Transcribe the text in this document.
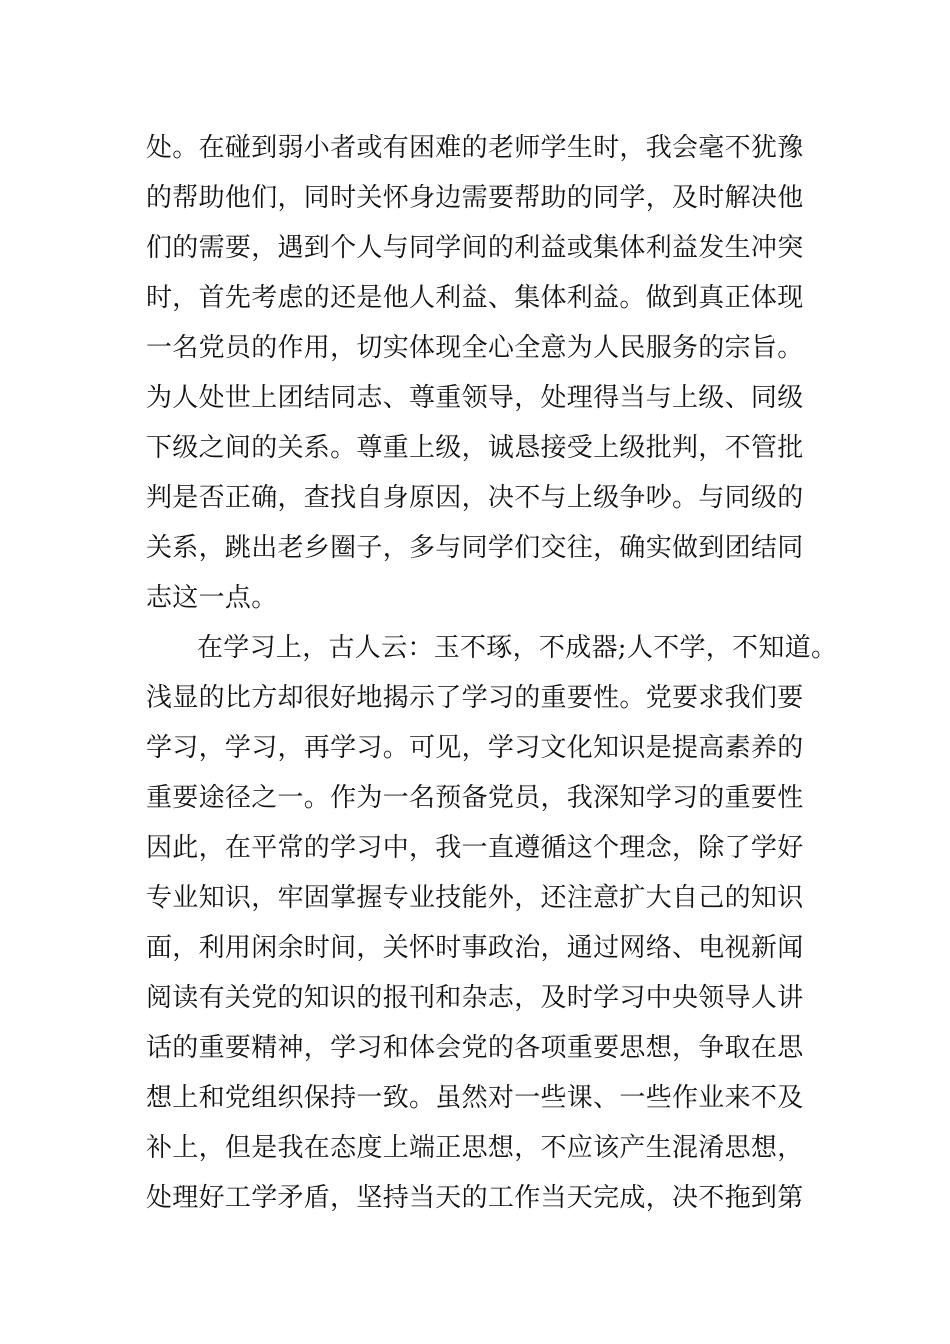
处。在碰到弱小者或有困难的老师学生时，我会毫不犹豫
的帮助他们，同时关怀身边需要帮助的同学，及时解决他
们的需要，遇到个人与同学间的利益或集体利益发生冲突
时，首先考虑的还是他人利益、集体利益。做到真正体现
一名党员的作用，切实体现全心全意为人民服务的宗旨。
为人处世上团结同志、尊重领导，处理得当与上级、同级
下级之间的关系。尊重上级，诚恳接受上级批判，不管批
判是否正确，查找自身原因，决不与上级争吵。与同级的
关系，跳出老乡圈子，多与同学们交往，确实做到团结同
志这一点。
在学习上，古人云：玉不琢，不成器;人不学，不知道。
浅显的比方却很好地揭示了学习的重要性。党要求我们要
学习，学习，再学习。可见，学习文化知识是提高素养的
重要途径之一。作为一名预备党员，我深知学习的重要性
因此，在平常的学习中，我一直遵循这个理念，除了学好
专业知识，牢固掌握专业技能外，还注意扩大自己的知识
面，利用闲余时间，关怀时事政治，通过网络、电视新闻
阅读有关党的知识的报刊和杂志，及时学习中央领导人讲
话的重要精神，学习和体会党的各项重要思想，争取在思
想上和党组织保持一致。虽然对一些课、一些作业来不及
补上，但是我在态度上端正思想，不应该产生混淆思想，
处理好工学矛盾，坚持当天的工作当天完成，决不拖到第
